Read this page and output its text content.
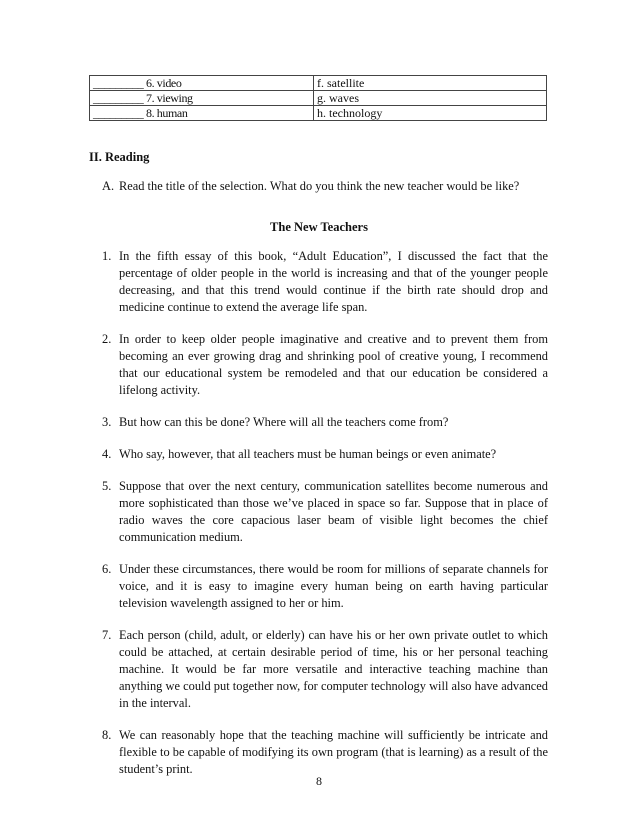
_________ 6. video	f. satellite
_________ 7. viewing	g. waves
_________ 8. human	h. technology
II. Reading
A. Read the title of the selection. What do you think the new teacher would be like?
The New Teachers
1. In the fifth essay of this book, “Adult Education”, I discussed the fact that the percentage of older people in the world is increasing and that of the younger people decreasing, and that this trend would continue if the birth rate should drop and medicine continue to extend the average life span.
2. In order to keep older people imaginative and creative and to prevent them from becoming an ever growing drag and shrinking pool of creative young, I recommend that our educational system be remodeled and that our education be considered a lifelong activity.
3. But how can this be done? Where will all the teachers come from?
4. Who say, however, that all teachers must be human beings or even animate?
5. Suppose that over the next century, communication satellites become numerous and more sophisticated than those we’ve placed in space so far. Suppose that in place of radio waves the core capacious laser beam of visible light becomes the chief communication medium.
6. Under these circumstances, there would be room for millions of separate channels for voice, and it is easy to imagine every human being on earth having particular television wavelength assigned to her or him.
7. Each person (child, adult, or elderly) can have his or her own private outlet to which could be attached, at certain desirable period of time, his or her personal teaching machine. It would be far more versatile and interactive teaching machine than anything we could put together now, for computer technology will also have advanced in the interval.
8. We can reasonably hope that the teaching machine will sufficiently be intricate and flexible to be capable of modifying its own program (that is learning) as a result of the student’s print.
8
